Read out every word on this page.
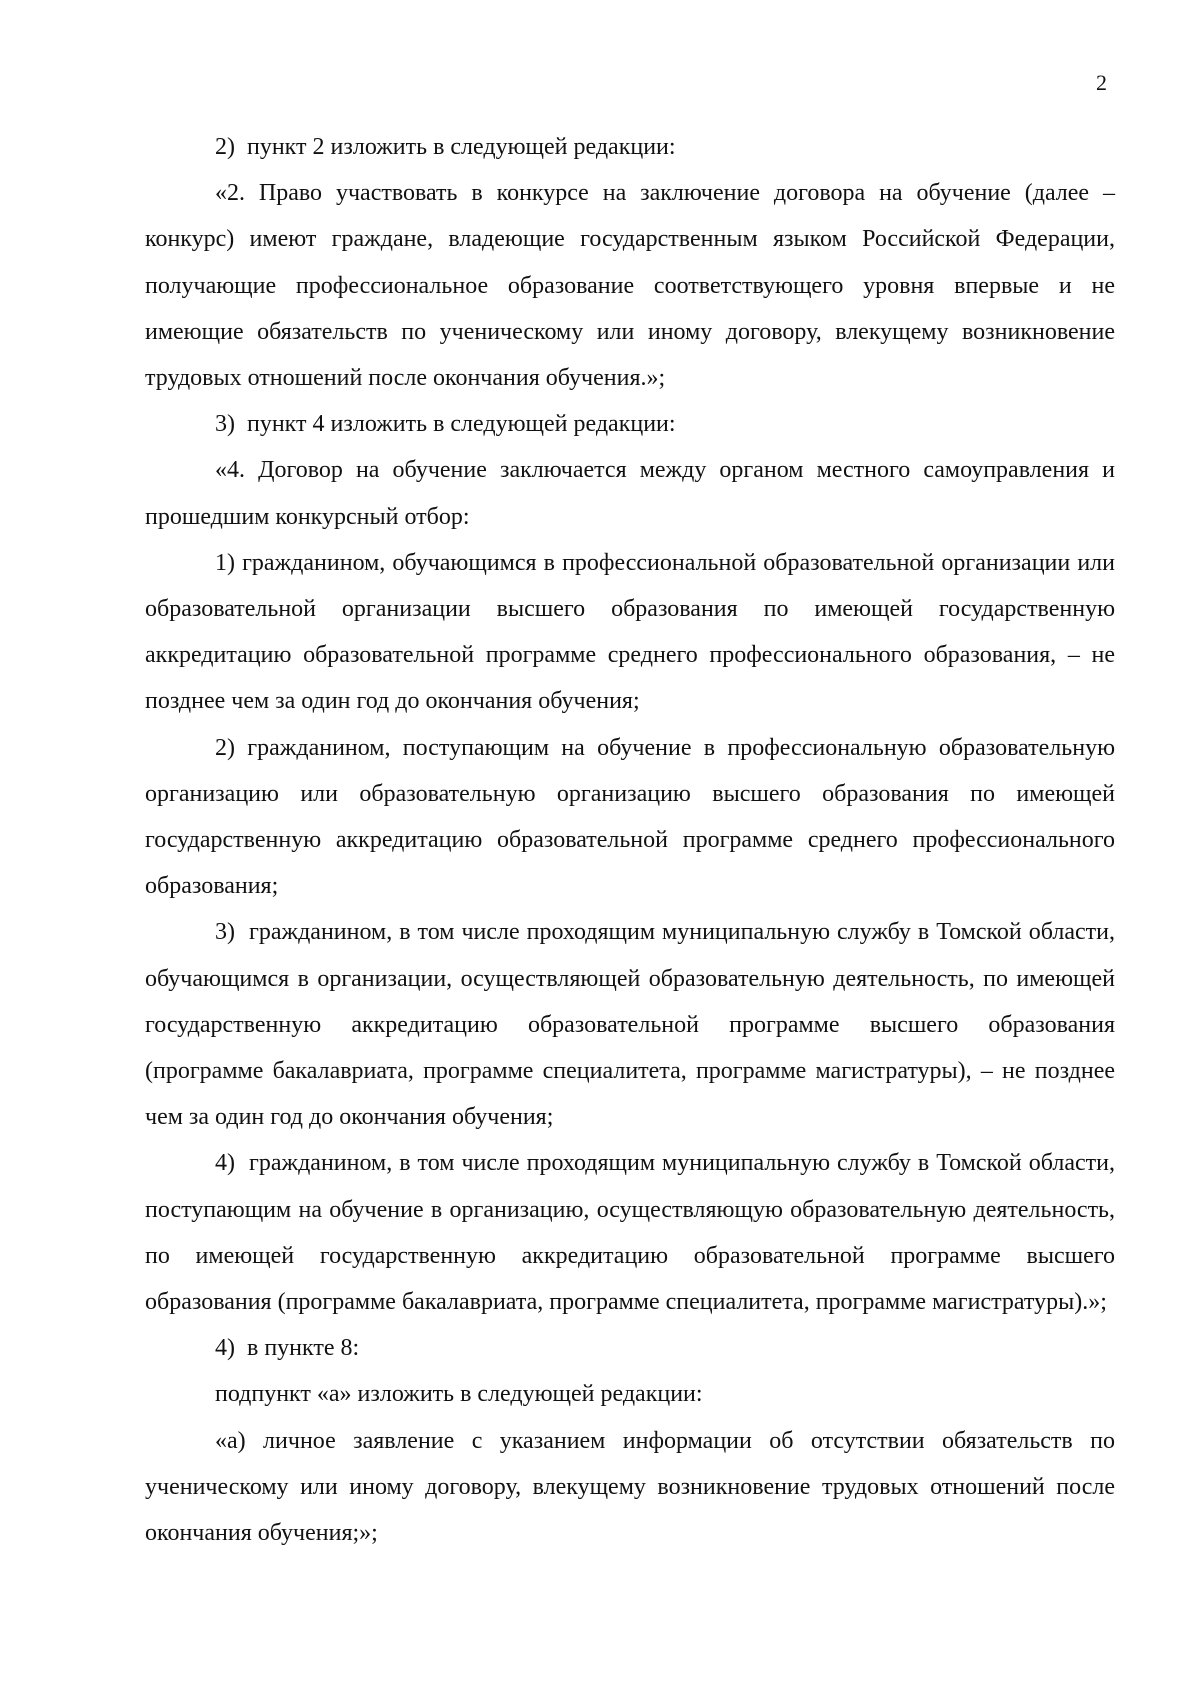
2

2)  пункт 2 изложить в следующей редакции:

«2. Право участвовать в конкурсе на заключение договора на обучение (далее – конкурс) имеют граждане, владеющие государственным языком Российской Федерации, получающие профессиональное образование соответствующего уровня впервые и не имеющие обязательств по ученическому или иному договору, влекущему возникновение трудовых отношений после окончания обучения.»;

3)  пункт 4 изложить в следующей редакции:

«4. Договор на обучение заключается между органом местного самоуправления и прошедшим конкурсный отбор:

1) гражданином, обучающимся в профессиональной образовательной организации или образовательной организации высшего образования по имеющей государственную аккредитацию образовательной программе среднего профессионального образования, – не позднее чем за один год до окончания обучения;

2) гражданином, поступающим на обучение в профессиональную образовательную организацию или образовательную организацию высшего образования по имеющей государственную аккредитацию образовательной программе среднего профессионального образования;

3)  гражданином, в том числе проходящим муниципальную службу в Томской области, обучающимся в организации, осуществляющей образовательную деятельность, по имеющей государственную аккредитацию образовательной программе высшего образования (программе бакалавриата, программе специалитета, программе магистратуры), – не позднее чем за один год до окончания обучения;

4)  гражданином, в том числе проходящим муниципальную службу в Томской области, поступающим на обучение в организацию, осуществляющую образовательную деятельность, по имеющей государственную аккредитацию образовательной программе высшего образования (программе бакалавриата, программе специалитета, программе магистратуры).»;

4)  в пункте 8:

подпункт «а» изложить в следующей редакции:

«а) личное заявление с указанием информации об отсутствии обязательств по ученическому или иному договору, влекущему возникновение трудовых отношений после окончания обучения;»;
